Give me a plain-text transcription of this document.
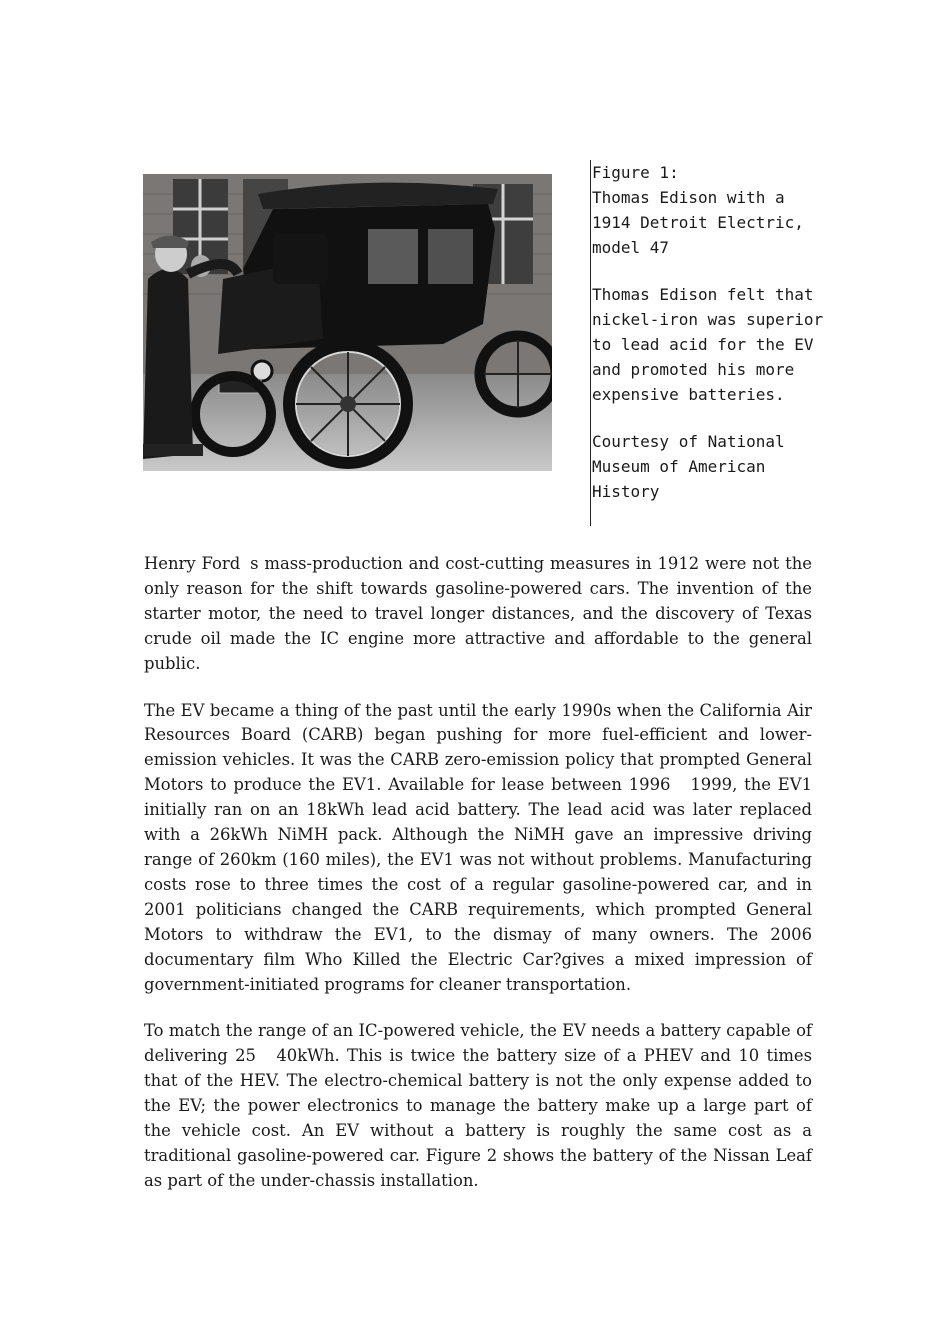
Figure 1:
Thomas Edison with a 1914 Detroit Electric, model 47

Thomas Edison felt that nickel-iron was superior to lead acid for the EV and promoted his more expensive batteries.

Courtesy of National Museum of American History

Henry Fords mass-production and cost-cutting measures in 1912 were not the only reason for the shift towards gasoline-powered cars. The invention of the starter motor, the need to travel longer distances, and the discovery of Texas crude oil made the IC engine more attractive and affordable to the general public.

The EV became a thing of the past until the early 1990s when the California Air Resources Board (CARB) began pushing for more fuel-efficient and lower-emission vehicles. It was the CARB zero-emission policy that prompted General Motors to produce the EV1. Available for lease between 1996 1999, the EV1 initially ran on an 18kWh lead acid battery. The lead acid was later replaced with a 26kWh NiMH pack. Although the NiMH gave an impressive driving range of 260km (160 miles), the EV1 was not without problems. Manufacturing costs rose to three times the cost of a regular gasoline-powered car, and in 2001 politicians changed the CARB requirements, which prompted General Motors to withdraw the EV1, to the dismay of many owners. The 2006 documentary film Who Killed the Electric Car?gives a mixed impression of government-initiated programs for cleaner transportation.

To match the range of an IC-powered vehicle, the EV needs a battery capable of delivering 25 40kWh. This is twice the battery size of a PHEV and 10 times that of the HEV. The electro-chemical battery is not the only expense added to the EV; the power electronics to manage the battery make up a large part of the vehicle cost. An EV without a battery is roughly the same cost as a traditional gasoline-powered car. Figure 2 shows the battery of the Nissan Leaf as part of the under-chassis installation.
